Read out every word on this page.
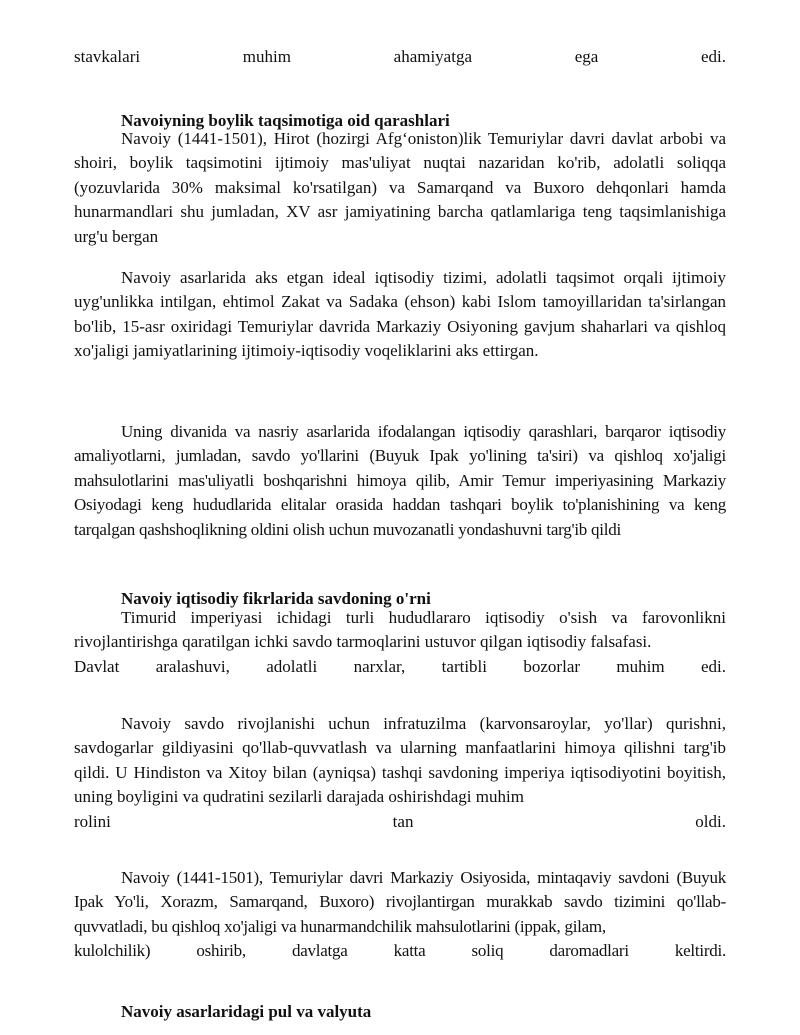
stavkalari muhim ahamiyatga ega edi.
Navoiyning boylik taqsimotiga oid qarashlari

Navoiy (1441-1501), Hirot (hozirgi Afg‘oniston)lik Temuriylar davri davlat arbobi va shoiri, boylik taqsimotini ijtimoiy mas'uliyat nuqtai nazaridan ko'rib, adolatli soliqqa (yozuvlarida 30% maksimal ko'rsatilgan) va Samarqand va Buxoro dehqonlari hamda hunarmandlari shu jumladan, XV asr jamiyatining barcha qatlamlariga teng taqsimlanishiga urg'u bergan

Navoiy asarlarida aks etgan ideal iqtisodiy tizimi, adolatli taqsimot orqali ijtimoiy uyg'unlikka intilgan, ehtimol Zakat va Sadaka (ehson) kabi Islom tamoyillaridan ta'sirlangan bo'lib, 15-asr oxiridagi Temuriylar davrida Markaziy Osiyoning gavjum shaharlari va qishloq xo'jaligi jamiyatlarining ijtimoiy-iqtisodiy voqeliklarini aks ettirgan.

Uning divanida va nasriy asarlarida ifodalangan iqtisodiy qarashlari, barqaror iqtisodiy amaliyotlarni, jumladan, savdo yo'llarini (Buyuk Ipak yo'lining ta'siri) va qishloq xo'jaligi mahsulotlarini mas'uliyatli boshqarishni himoya qilib, Amir Temur imperiyasining Markaziy Osiyodagi keng hududlarida elitalar orasida haddan tashqari boylik to'planishining va keng tarqalgan qashshoqlikning oldini olish uchun muvozanatli yondashuvni targ'ib qildi

Navoiy iqtisodiy fikrlarida savdoning o'rni

Timurid imperiyasi ichidagi turli hududlararo iqtisodiy o'sish va farovonlikni rivojlantirishga qaratilgan ichki savdo tarmoqlarini ustuvor qilgan iqtisodiy falsafasi.

Davlat aralashuvi, adolatli narxlar, tartibli bozorlar muhim edi.

Navoiy savdo rivojlanishi uchun infratuzilma (karvonsaroylar, yo'llar) qurishni, savdogarlar gildiyasini qo'llab-quvvatlash va ularning manfaatlarini himoya qilishni targ'ib qildi. U Hindiston va Xitoy bilan (ayniqsa) tashqi savdoning imperiya iqtisodiyotini boyitish, uning boyligini va qudratini sezilarli darajada oshirishdagi muhim

rolini tan oldi.

Navoiy (1441-1501), Temuriylar davri Markaziy Osiyosida, mintaqaviy savdoni (Buyuk Ipak Yo'li, Xorazm, Samarqand, Buxoro) rivojlantirgan murakkab savdo tizimini qo'llab-quvvatladi, bu qishloq xo'jaligi va hunarmandchilik mahsulotlarini (ippak, gilam,

kulolchilik) oshirib, davlatga katta soliq daromadlari keltirdi.
Navoiy asarlaridagi pul va valyuta
